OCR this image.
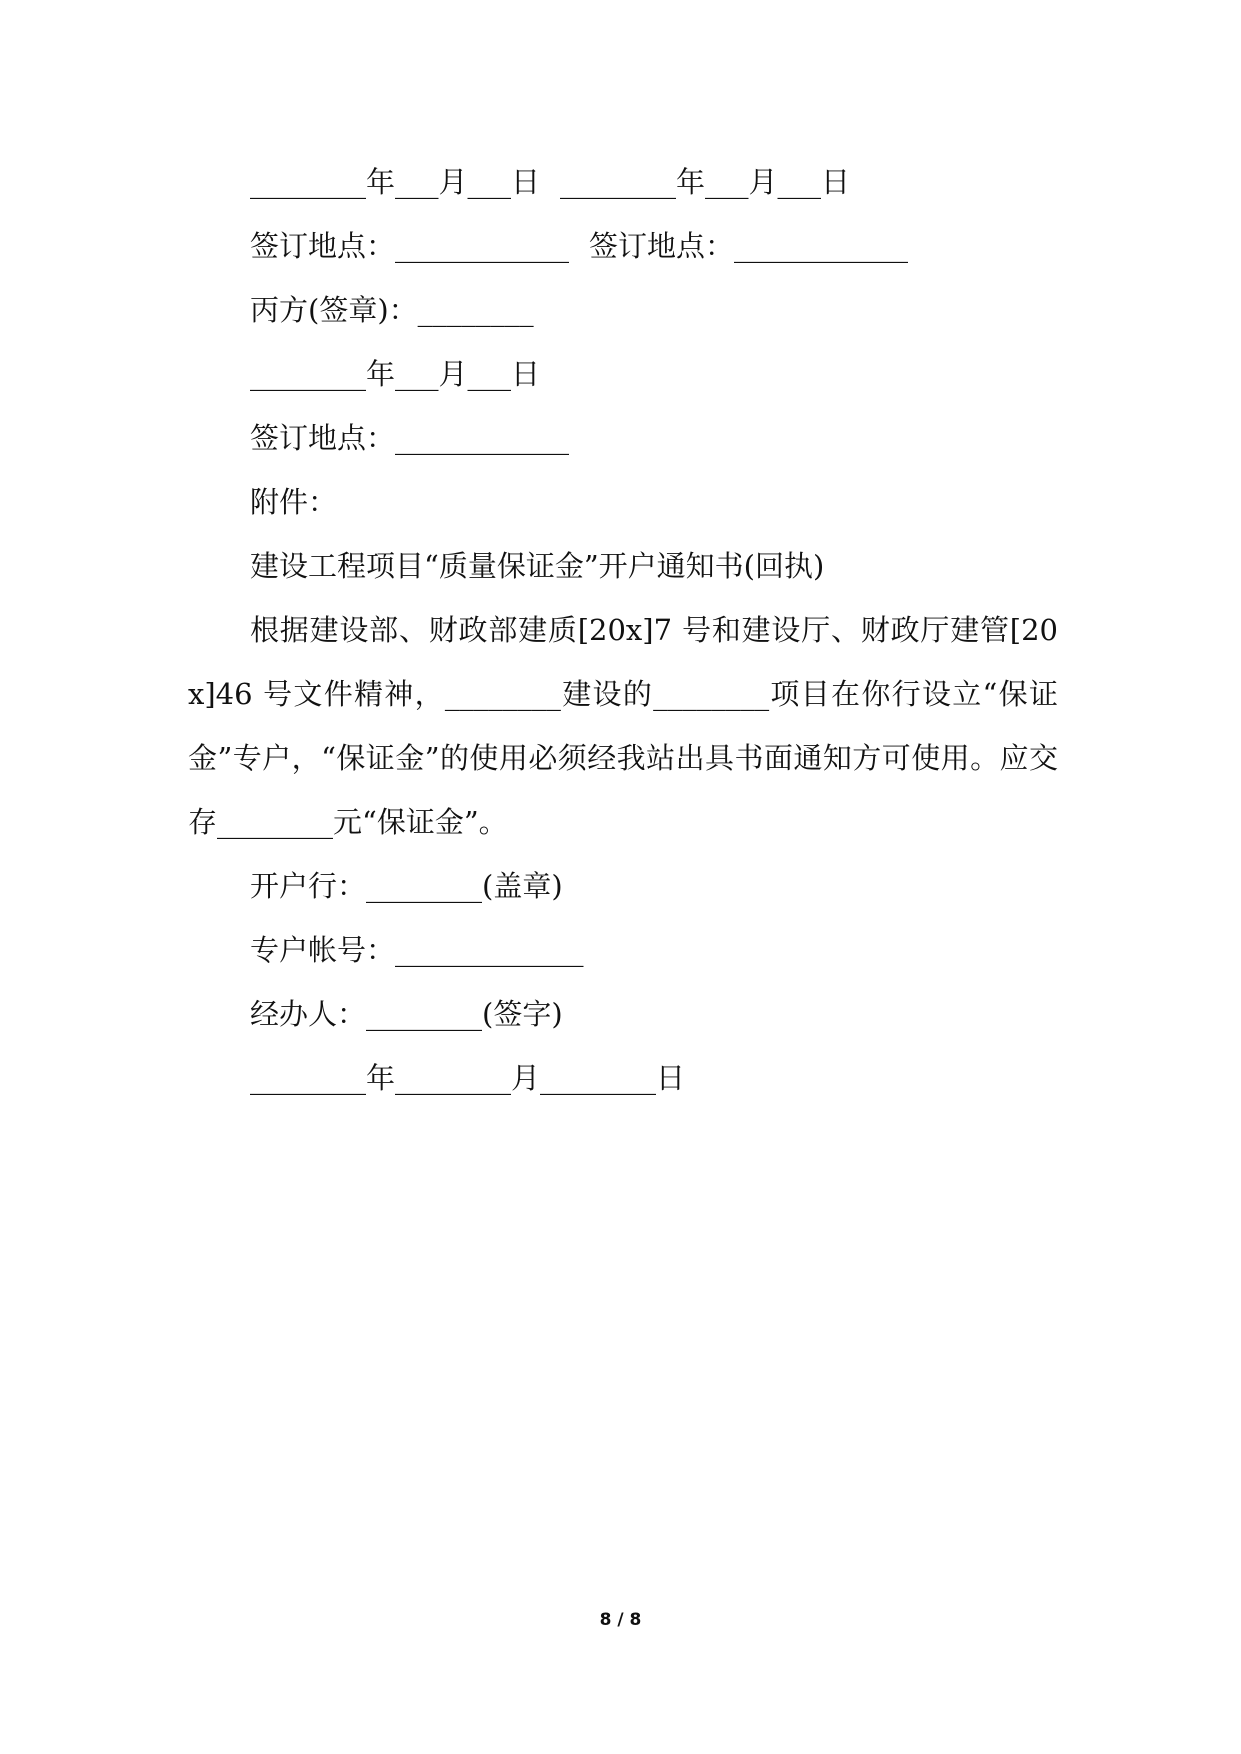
________年___月___日 ________年___月___日

签订地点：____________ 签订地点：____________

丙方(签章)：________

________年___月___日

签订地点：____________

附件：

建设工程项目“质量保证金”开户通知书(回执)

根据建设部、财政部建质[20x]7 号和建设厅、财政厅建管[20x]46 号文件精神，________建设的________项目在你行设立“保证金”专户，“保证金”的使用必须经我站出具书面通知方可使用。应交存________元“保证金”。

开户行：________(盖章)

专户帐号：_____________

经办人：________(签字)

________年________月________日

8 / 8
